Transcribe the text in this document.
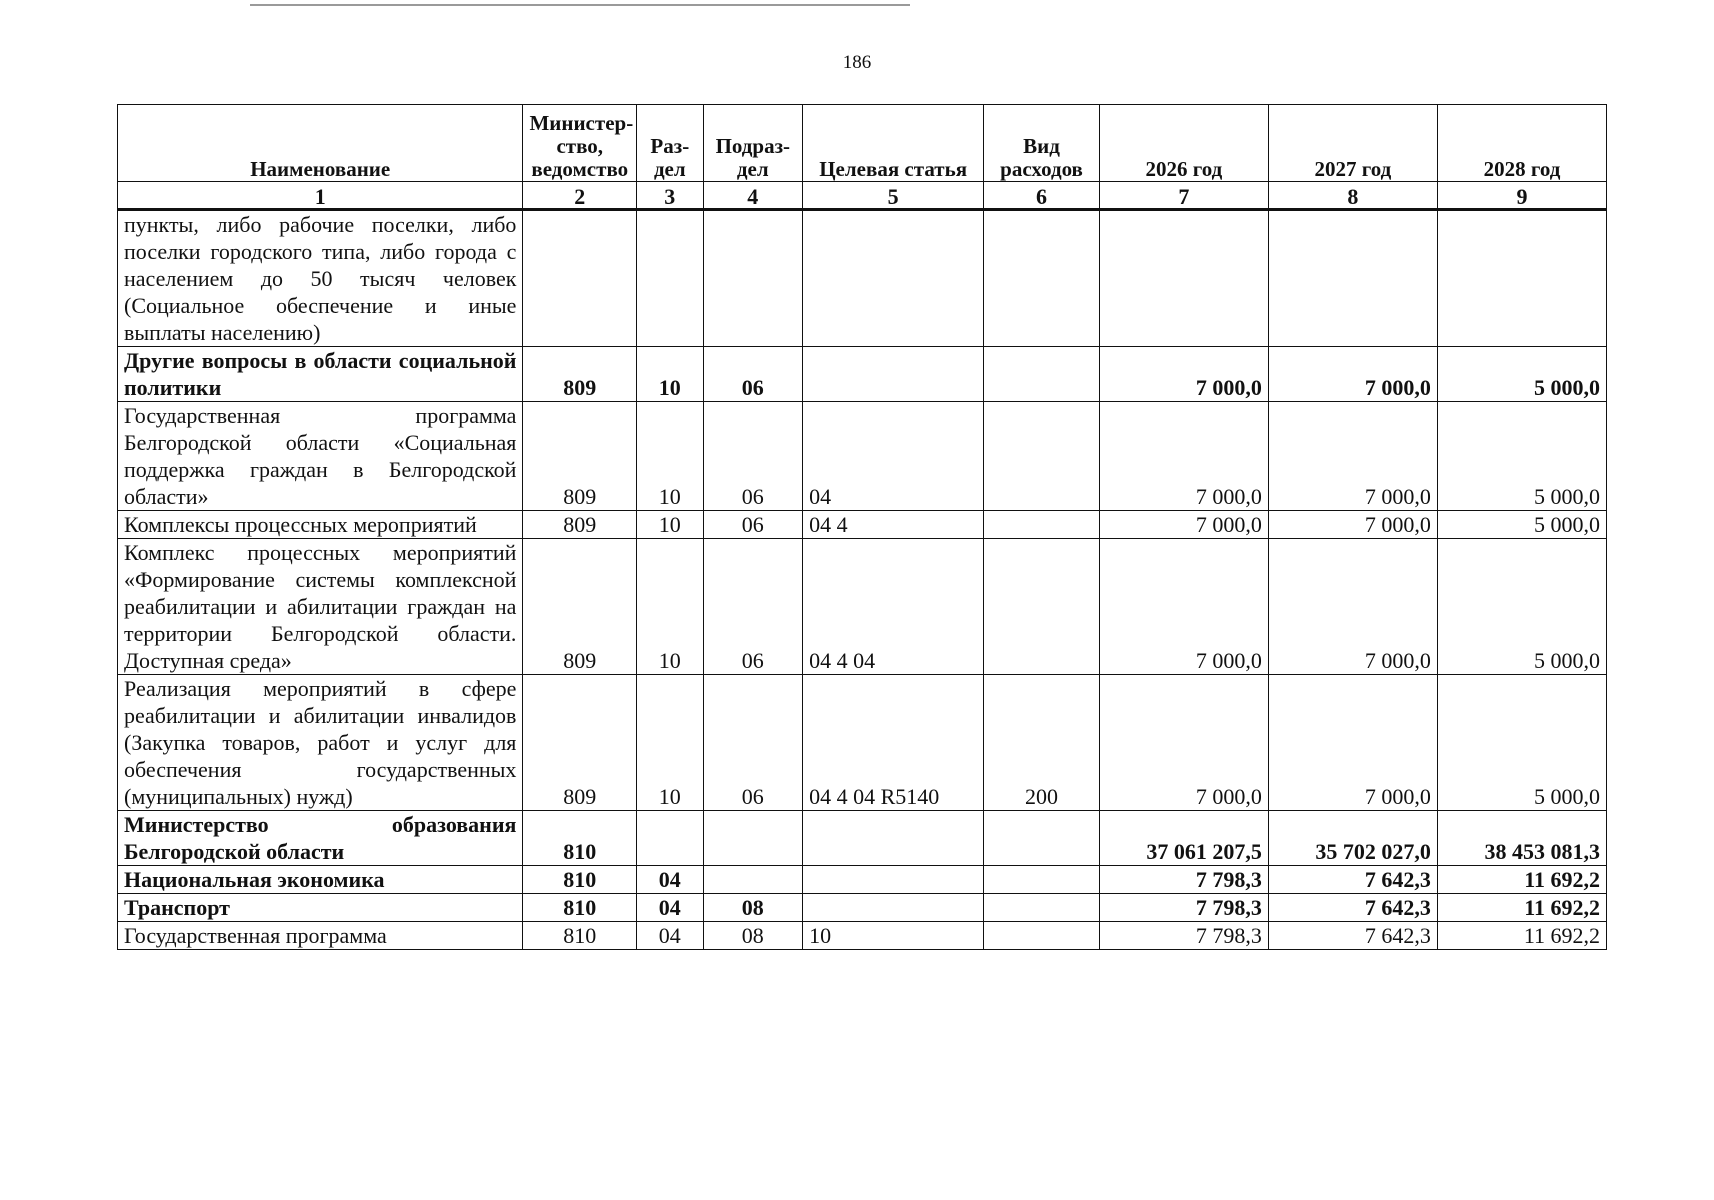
186
Наименование	Министер-ство, ведомство	Раз-дел	Подраз-дел	Целевая статья	Вид расходов	2026 год	2027 год	2028 год
1	2	3	4	5	6	7	8	9
пункты, либо рабочие поселки, либо поселки городского типа, либо города с населением до 50 тысяч человек (Социальное обеспечение и иные выплаты населению)								
Другие вопросы в области социальной политики	809	10	06			7 000,0	7 000,0	5 000,0
Государственная программа Белгородской области «Социальная поддержка граждан в Белгородской области»	809	10	06	04		7 000,0	7 000,0	5 000,0
Комплексы процессных мероприятий	809	10	06	04 4		7 000,0	7 000,0	5 000,0
Комплекс процессных мероприятий «Формирование системы комплексной реабилитации и абилитации граждан на территории Белгородской области. Доступная среда»	809	10	06	04 4 04		7 000,0	7 000,0	5 000,0
Реализация мероприятий в сфере реабилитации и абилитации инвалидов (Закупка товаров, работ и услуг для обеспечения государственных (муниципальных) нужд)	809	10	06	04 4 04 R5140	200	7 000,0	7 000,0	5 000,0
Министерство образования Белгородской области	810					37 061 207,5	35 702 027,0	38 453 081,3
Национальная экономика	810	04				7 798,3	7 642,3	11 692,2
Транспорт	810	04	08			7 798,3	7 642,3	11 692,2
Государственная программа	810	04	08	10		7 798,3	7 642,3	11 692,2
